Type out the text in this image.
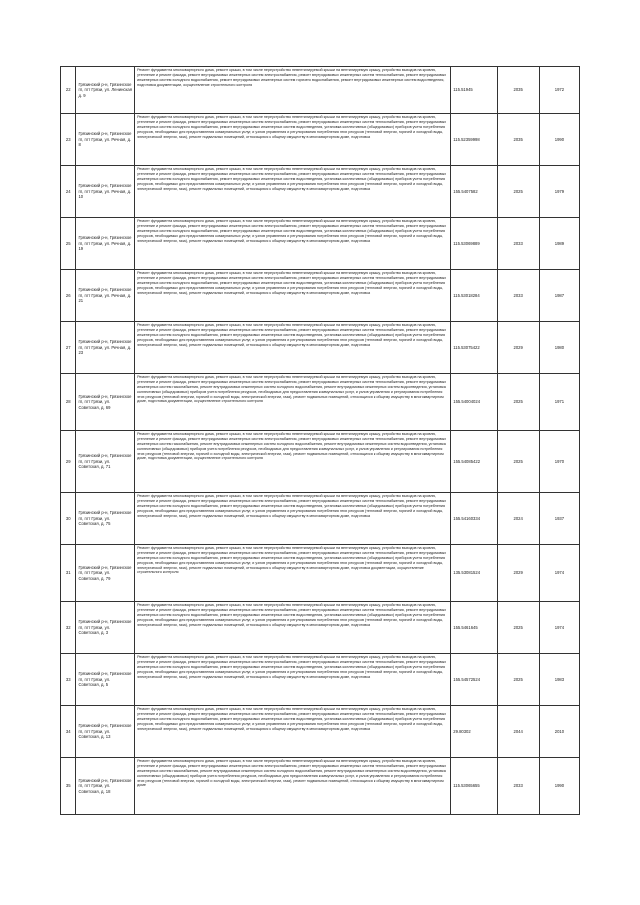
22	Грязинский р-н, Грязинское гп, пгт Грязи, ул. Ленинская д. 9	Ремонт фундамента многоквартирного дома, ремонт крыши, в том числе переустройство невентилируемой крыши на вентилируемую крышу, устройство выходов на кровлю, утепление и ремонт фасада, ремонт внутридомовых инженерных систем электроснабжения, ремонт внутридомовых инженерных систем теплоснабжения, ремонт внутридомовых инженерных систем холодного водоснабжения, ремонт внутридомовых инженерных систем горячего водоснабжения, ремонт внутридомовых инженерных систем водоотведения, подготовка документации, осуществление строительного контроля	115.51945	2035	1972
23	Грязинский р-н, Грязинское гп, пгт Грязи, ул. Речная, д. 8	Ремонт фундамента многоквартирного дома, ремонт крыши, в том числе переустройство невентилируемой крыши на вентилируемую крышу, устройство выходов на кровлю, утепление и ремонт фасада, ремонт внутридомовых инженерных систем электроснабжения, ремонт внутридомовых инженерных систем теплоснабжения, ремонт внутридомовых инженерных систем холодного водоснабжения, ремонт внутридомовых инженерных систем водоотведения, установка коллективных (общедомовых) приборов учета потребления ресурсов, необходимых для предоставления коммунальных услуг, и узлов управления и регулирования потребления этих ресурсов (тепловой энергии, горячей и холодной воды, электрической энергии, газа), ремонт подвальных помещений, относящихся к общему имуществу в многоквартирном доме, подготовка	115.52359998	2035	1990
24	Грязинский р-н, Грязинское гп, пгт Грязи, ул. Речная, д. 10	Ремонт фундамента многоквартирного дома, ремонт крыши, в том числе переустройство невентилируемой крыши на вентилируемую крышу, устройство выходов на кровлю, утепление и ремонт фасада, ремонт внутридомовых инженерных систем электроснабжения, ремонт внутридомовых инженерных систем теплоснабжения, ремонт внутридомовых инженерных систем холодного водоснабжения, ремонт внутридомовых инженерных систем водоотведения, установка коллективных (общедомовых) приборов учета потребления ресурсов, необходимых для предоставления коммунальных услуг, и узлов управления и регулирования потребления этих ресурсов (тепловой энергии, горячей и холодной воды, электрической энергии, газа), ремонт подвальных помещений, относящихся к общему имуществу в многоквартирном доме, подготовка	155.5407582	2025	1979
25	Грязинский р-н, Грязинское гп, пгт Грязи, ул. Речная, д. 19	Ремонт фундамента многоквартирного дома, ремонт крыши, в том числе переустройство невентилируемой крыши на вентилируемую крышу, устройство выходов на кровлю, утепление и ремонт фасада, ремонт внутридомовых инженерных систем электроснабжения, ремонт внутридомовых инженерных систем теплоснабжения, ремонт внутридомовых инженерных систем холодного водоснабжения, ремонт внутридомовых инженерных систем водоотведения, установка коллективных (общедомовых) приборов учета потребления ресурсов, необходимых для предоставления коммунальных услуг, и узлов управления и регулирования потребления этих ресурсов (тепловой энергии, горячей и холодной воды, электрической энергии, газа), ремонт подвальных помещений, относящихся к общему имуществу в многоквартирном доме, подготовка	115.53069889	2033	1989
26	Грязинский р-н, Грязинское гп, пгт Грязи, ул. Речная, д. 21	Ремонт фундамента многоквартирного дома, ремонт крыши, в том числе переустройство невентилируемой крыши на вентилируемую крышу, устройство выходов на кровлю, утепление и ремонт фасада, ремонт внутридомовых инженерных систем электроснабжения, ремонт внутридомовых инженерных систем теплоснабжения, ремонт внутридомовых инженерных систем холодного водоснабжения, ремонт внутридомовых инженерных систем водоотведения, установка коллективных (общедомовых) приборов учета потребления ресурсов, необходимых для предоставления коммунальных услуг, и узлов управления и регулирования потребления этих ресурсов (тепловой энергии, горячей и холодной воды, электрической энергии, газа), ремонт подвальных помещений, относящихся к общему имуществу в многоквартирном доме, подготовка	115.53018284	2033	1987
27	Грязинский р-н, Грязинское гп, пгт Грязи, ул. Речная, д. 23	Ремонт фундамента многоквартирного дома, ремонт крыши, в том числе переустройство невентилируемой крыши на вентилируемую крышу, устройство выходов на кровлю, утепление и ремонт фасада, ремонт внутридомовых инженерных систем электроснабжения, ремонт внутридомовых инженерных систем теплоснабжения, ремонт внутридомовых инженерных систем холодного водоснабжения, ремонт внутридомовых инженерных систем водоотведения, установка коллективных (общедомовых) приборов учета потребления ресурсов, необходимых для предоставления коммунальных услуг, и узлов управления и регулирования потребления этих ресурсов (тепловой энергии, горячей и холодной воды, электрической энергии, газа), ремонт подвальных помещений, относящихся к общему имуществу в многоквартирном доме, подготовка	115.53075422	2029	1980
28	Грязинский р-н, Грязинское гп, пгт Грязи, ул. Советская, д. 69	Ремонт фундамента многоквартирного дома, ремонт крыши, в том числе переустройство невентилируемой крыши на вентилируемую крышу, устройство выходов на кровлю, утепление и ремонт фасада, ремонт внутридомовых инженерных систем электроснабжения, ремонт внутридомовых инженерных систем теплоснабжения, ремонт внутридомовых инженерных систем газоснабжения, ремонт внутридомовых инженерных систем холодного водоснабжения, ремонт внутридомовых инженерных систем водоотведения, установка коллективных (общедомовых) приборов учета потребления ресурсов, необходимых для предоставления коммунальных услуг, и узлов управления и регулирования потребления этих ресурсов (тепловой энергии, горячей и холодной воды, электрической энергии, газа), ремонт подвальных помещений, относящихся к общему имуществу в многоквартирном доме, подготовка документации, осуществление строительного контроля	155.54004024	2025	1971
29	Грязинский р-н, Грязинское гп, пгт Грязи, ул. Советская, д. 71	Ремонт фундамента многоквартирного дома, ремонт крыши, в том числе переустройство невентилируемой крыши на вентилируемую крышу, устройство выходов на кровлю, утепление и ремонт фасада, ремонт внутридомовых инженерных систем электроснабжения, ремонт внутридомовых инженерных систем теплоснабжения, ремонт внутридомовых инженерных систем газоснабжения, ремонт внутридомовых инженерных систем холодного водоснабжения, ремонт внутридомовых инженерных систем водоотведения, установка коллективных (общедомовых) приборов учета потребления ресурсов, необходимых для предоставления коммунальных услуг, и узлов управления и регулирования потребления этих ресурсов (тепловой энергии, горячей и холодной воды, электрической энергии, газа), ремонт подвальных помещений, относящихся к общему имуществу в многоквартирном доме, подготовка документации, осуществление строительного контроля	155.54085422	2025	1970
30	Грязинский р-н, Грязинское гп, пгт Грязи, ул. Советская, д. 75	Ремонт фундамента многоквартирного дома, ремонт крыши, в том числе переустройство невентилируемой крыши на вентилируемую крышу, устройство выходов на кровлю, утепление и ремонт фасада, ремонт внутридомовых инженерных систем электроснабжения, ремонт внутридомовых инженерных систем теплоснабжения, ремонт внутридомовых инженерных систем холодного водоснабжения, ремонт внутридомовых инженерных систем водоотведения, установка коллективных (общедомовых) приборов учета потребления ресурсов, необходимых для предоставления коммунальных услуг, и узлов управления и регулирования потребления этих ресурсов (тепловой энергии, горячей и холодной воды, электрической энергии, газа), ремонт подвальных помещений, относящихся к общему имуществу в многоквартирном доме, подготовка	155.54160334	2024	1937
31	Грязинский р-н, Грязинское гп, пгт Грязи, ул. Советская, д. 79	Ремонт фундамента многоквартирного дома, ремонт крыши, в том числе переустройство невентилируемой крыши на вентилируемую крышу, устройство выходов на кровлю, утепление и ремонт фасада, ремонт внутридомовых инженерных систем электроснабжения, ремонт внутридомовых инженерных систем теплоснабжения, ремонт внутридомовых инженерных систем холодного водоснабжения, ремонт внутридомовых инженерных систем водоотведения, установка коллективных (общедомовых) приборов учета потребления ресурсов, необходимых для предоставления коммунальных услуг, и узлов управления и регулирования потребления этих ресурсов (тепловой энергии, горячей и холодной воды, электрической энергии, газа), ремонт подвальных помещений, относящихся к общему имуществу в многоквартирном доме, подготовка документации, осуществление строительного контроля	135.53081524	2029	1974
32	Грязинский р-н, Грязинское гп, пгт Грязи, ул. Советская, д. 3	Ремонт фундамента многоквартирного дома, ремонт крыши, в том числе переустройство невентилируемой крыши на вентилируемую крышу, устройство выходов на кровлю, утепление и ремонт фасада, ремонт внутридомовых инженерных систем электроснабжения, ремонт внутридомовых инженерных систем теплоснабжения, ремонт внутридомовых инженерных систем холодного водоснабжения, ремонт внутридомовых инженерных систем водоотведения, установка коллективных (общедомовых) приборов учета потребления ресурсов, необходимых для предоставления коммунальных услуг, и узлов управления и регулирования потребления этих ресурсов (тепловой энергии, горячей и холодной воды, электрической энергии, газа), ремонт подвальных помещений, относящихся к общему имуществу в многоквартирном доме, подготовка	155.5461645	2025	1974
33	Грязинский р-н, Грязинское гп, пгт Грязи, ул. Советская, д. 5	Ремонт фундамента многоквартирного дома, ремонт крыши, в том числе переустройство невентилируемой крыши на вентилируемую крышу, устройство выходов на кровлю, утепление и ремонт фасада, ремонт внутридомовых инженерных систем электроснабжения, ремонт внутридомовых инженерных систем теплоснабжения, ремонт внутридомовых инженерных систем холодного водоснабжения, ремонт внутридомовых инженерных систем водоотведения, установка коллективных (общедомовых) приборов учета потребления ресурсов, необходимых для предоставления коммунальных услуг, и узлов управления и регулирования потребления этих ресурсов (тепловой энергии, горячей и холодной воды, электрической энергии, газа), ремонт подвальных помещений, относящихся к общему имуществу в многоквартирном доме, подготовка	155.54572524	2025	1983
34	Грязинский р-н, Грязинское гп, пгт Грязи, ул. Советская, д. 13	Ремонт фундамента многоквартирного дома, ремонт крыши, в том числе переустройство невентилируемой крыши на вентилируемую крышу, устройство выходов на кровлю, утепление и ремонт фасада, ремонт внутридомовых инженерных систем электроснабжения, ремонт внутридомовых инженерных систем теплоснабжения, ремонт внутридомовых инженерных систем холодного водоснабжения, ремонт внутридомовых инженерных систем водоотведения, установка коллективных (общедомовых) приборов учета потребления ресурсов, необходимых для предоставления коммунальных услуг, и узлов управления и регулирования потребления этих ресурсов (тепловой энергии, горячей и холодной воды, электрической энергии, газа), ремонт подвальных помещений, относящихся к общему имуществу в многоквартирном доме, подготовка	29.80302	2044	2010
35	Грязинский р-н, Грязинское гп, пгт Грязи, ул. Советская, д. 18	Ремонт фундамента многоквартирного дома, ремонт крыши, в том числе переустройство невентилируемой крыши на вентилируемую крышу, устройство выходов на кровлю, утепление и ремонт фасада, ремонт внутридомовых инженерных систем электроснабжения, ремонт внутридомовых инженерных систем теплоснабжения, ремонт внутридомовых инженерных систем газоснабжения, ремонт внутридомовых инженерных систем холодного водоснабжения, ремонт внутридомовых инженерных систем водоотведения, установка коллективных (общедомовых) приборов учета потребления ресурсов, необходимых для предоставления коммунальных услуг, и узлов управления и регулирования потребления этих ресурсов (тепловой энергии, горячей и холодной воды, электрической энергии, газа), ремонт подвальных помещений, относящихся к общему имуществу в многоквартирном доме	115.53065655	2033	1990
